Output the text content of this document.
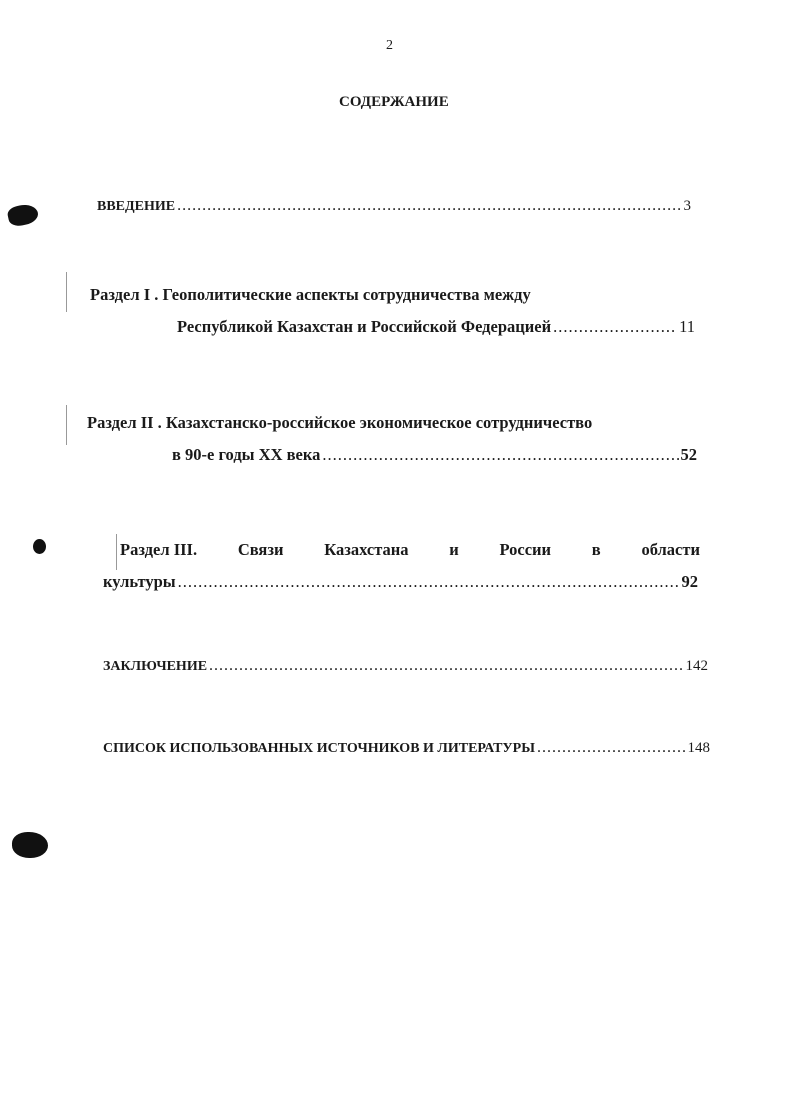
2
СОДЕРЖАНИЕ
ВВЕДЕНИЕ .....	3
Раздел I . Геополитические аспекты сотрудничества между
Республикой Казахстан и Российской Федерацией .....	11
Раздел II . Казахстанско-российское экономическое сотрудничество
в 90-е годы XX века .....	52
Раздел III. Связи Казахстана и России в области
культуры .....	92
ЗАКЛЮЧЕНИЕ .....	142
СПИСОК ИСПОЛЬЗОВАННЫХ ИСТОЧНИКОВ И ЛИТЕРАТУРЫ .....	148
